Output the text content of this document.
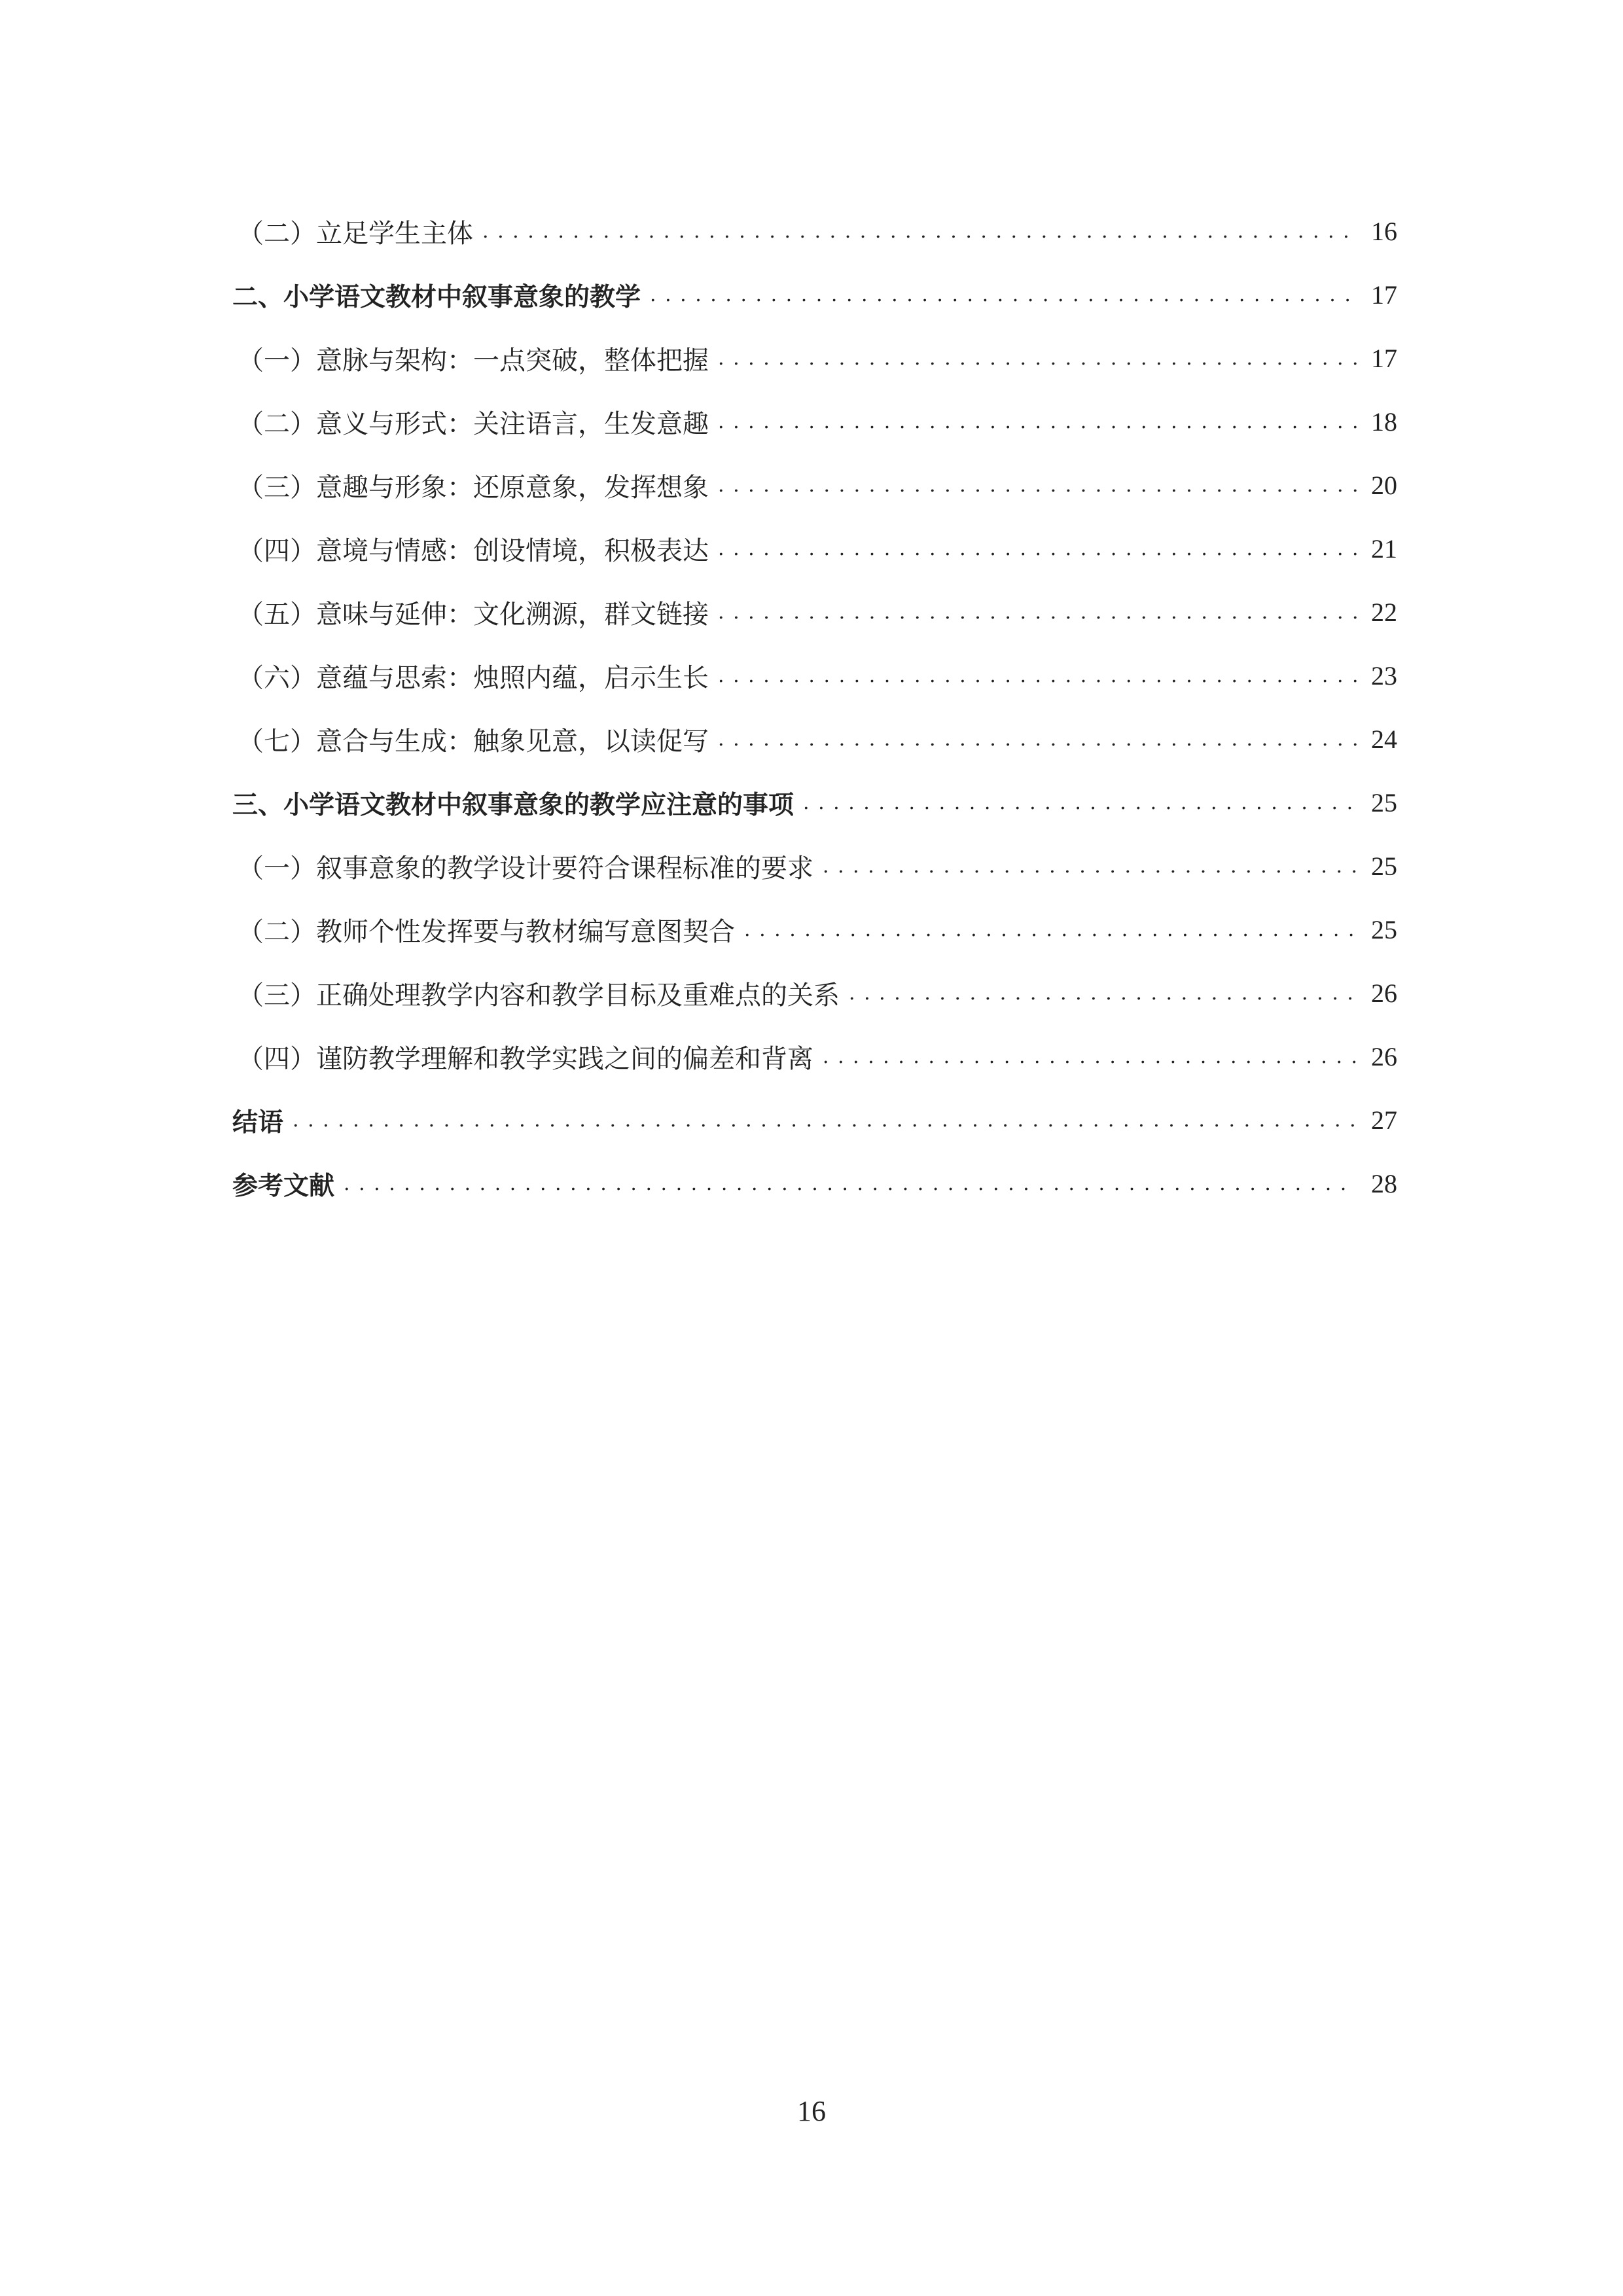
（二）立足学生主体 . . .	16
二、小学语文教材中叙事意象的教学 . . .	17
（一）意脉与架构：一点突破，整体把握 . . .	17
（二）意义与形式：关注语言，生发意趣 . . .	18
（三）意趣与形象：还原意象，发挥想象 . . .	20
（四）意境与情感：创设情境，积极表达 . . .	21
（五）意味与延伸：文化溯源，群文链接 . . .	22
（六）意蕴与思索：烛照内蕴，启示生长 . . .	23
（七）意合与生成：触象见意，以读促写 . . .	24
三、小学语文教材中叙事意象的教学应注意的事项 . . .	25
（一）叙事意象的教学设计要符合课程标准的要求 . . .	25
（二）教师个性发挥要与教材编写意图契合 . . .	25
（三）正确处理教学内容和教学目标及重难点的关系 . . .	26
（四）谨防教学理解和教学实践之间的偏差和背离 . . .	26
结语 . . .	27
参考文献 . . .	28
16
